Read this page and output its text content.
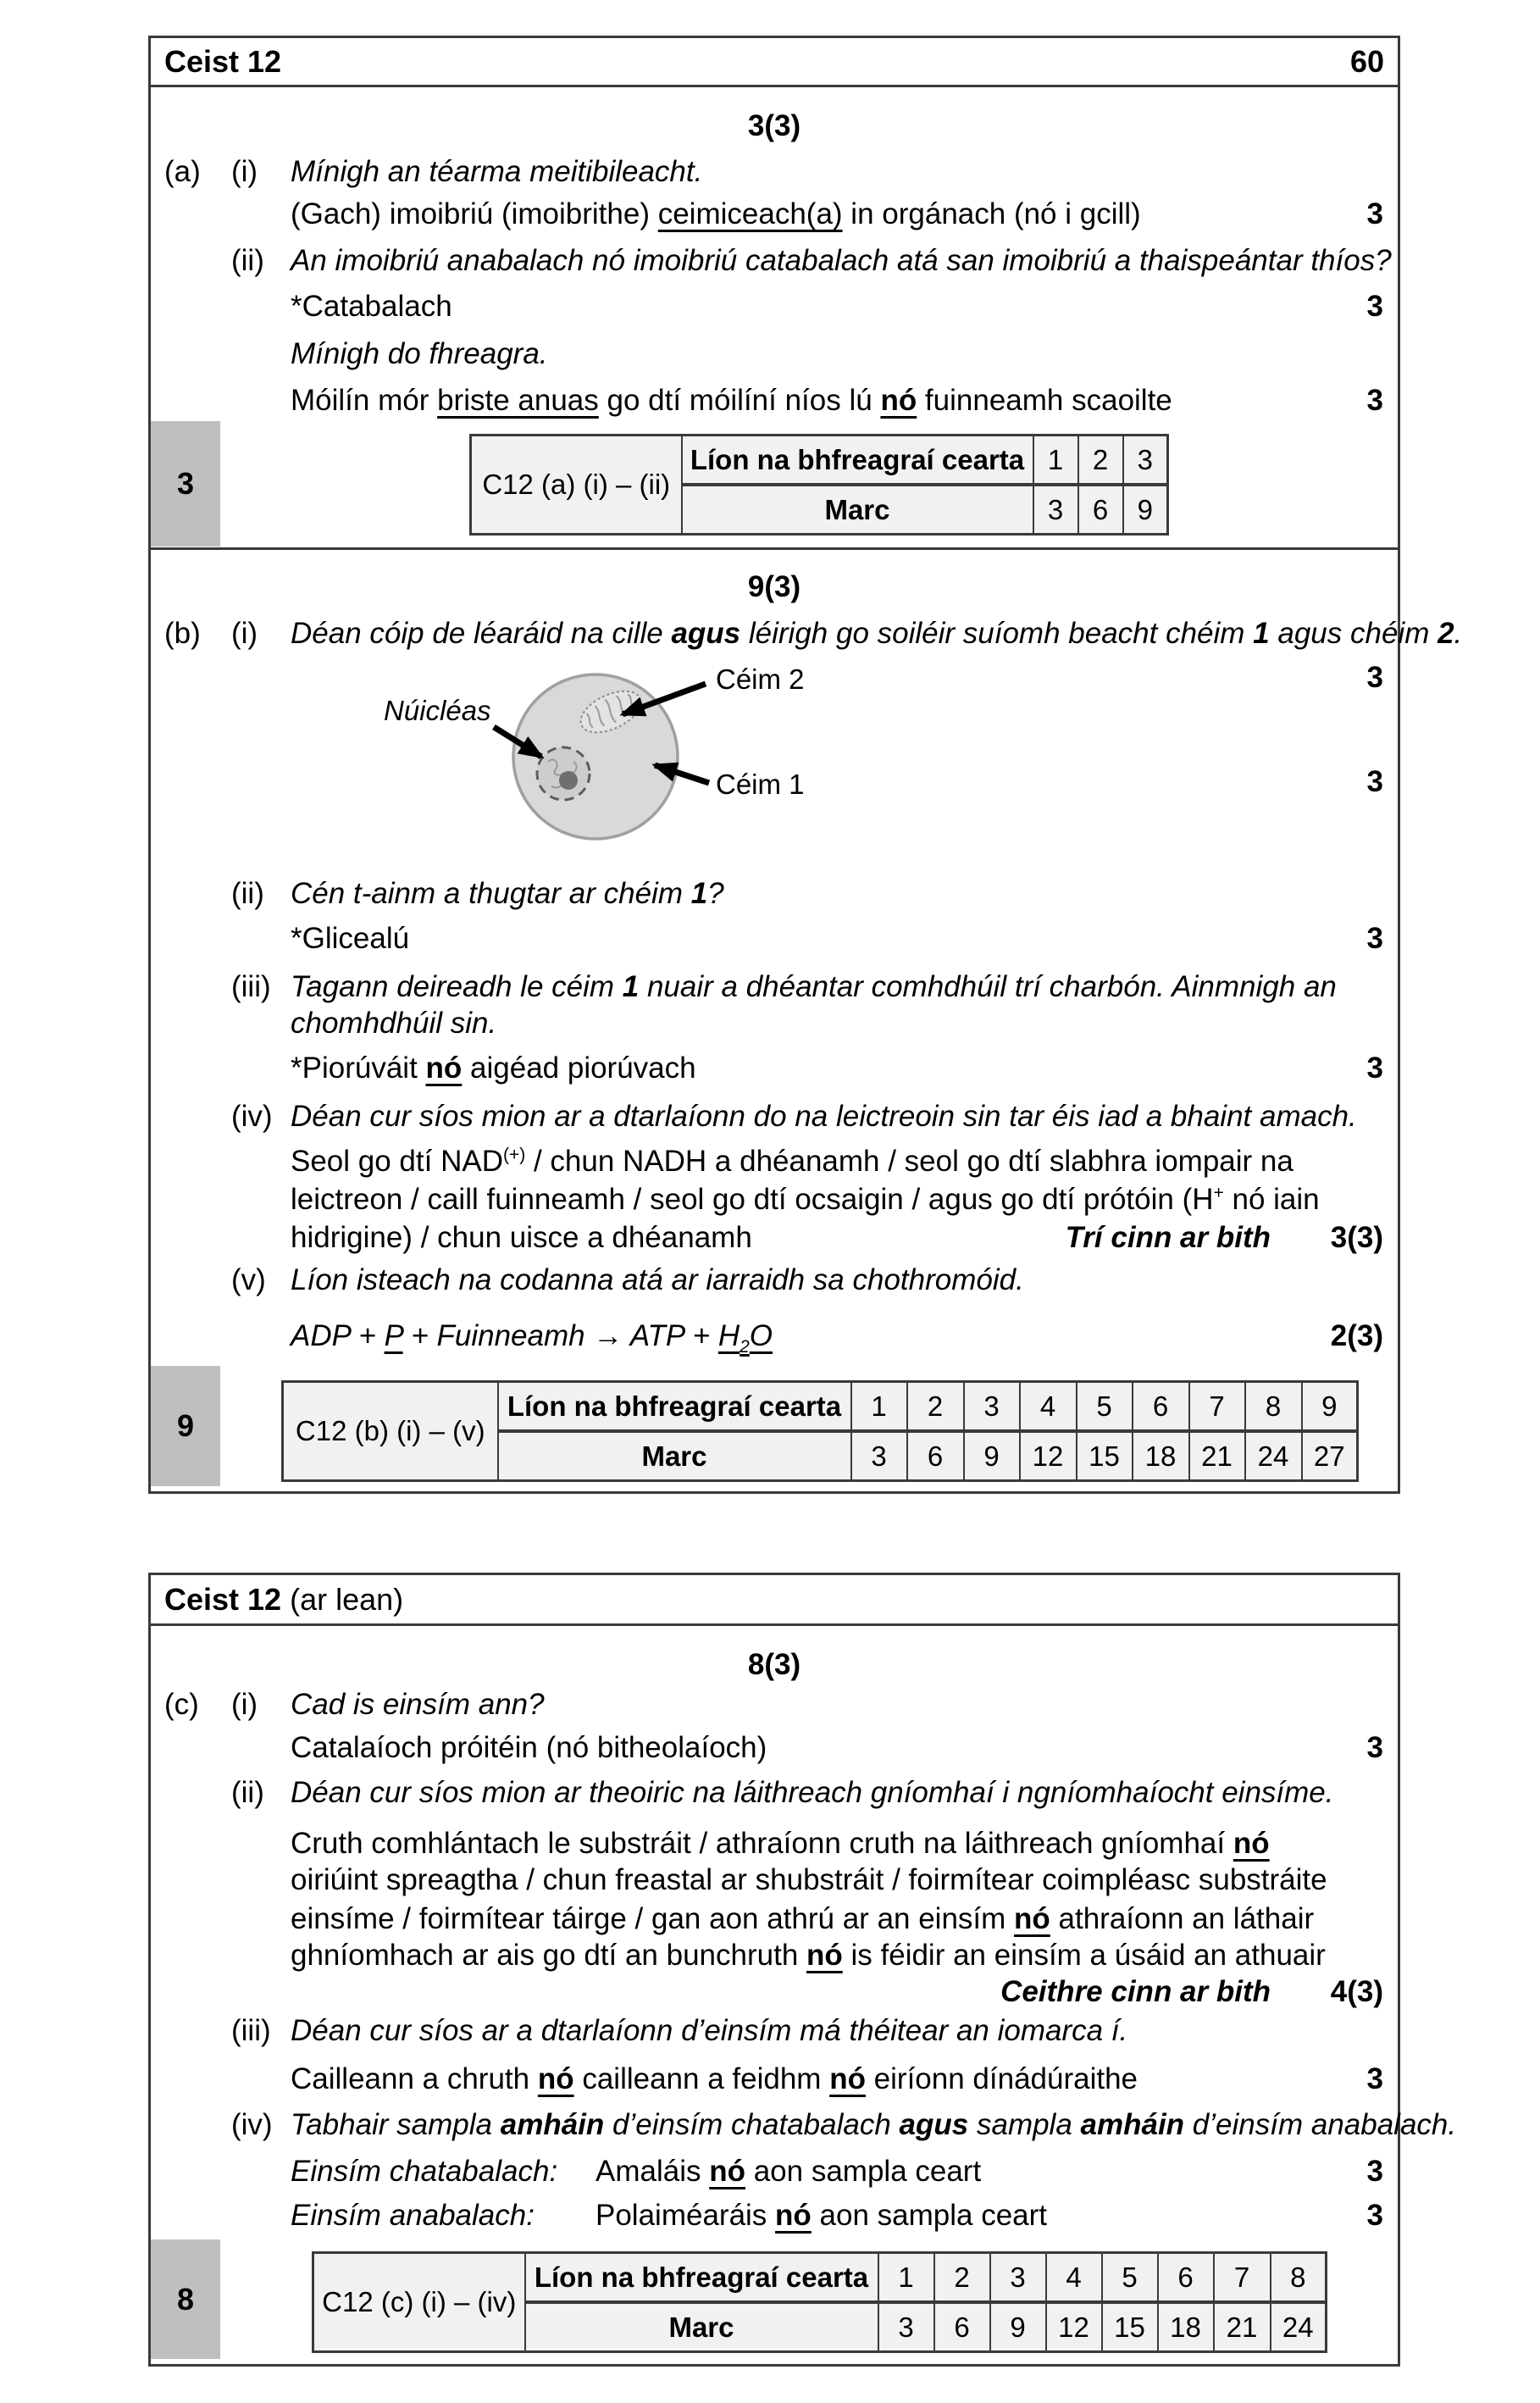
Ceist 12	60
3(3)
(a) (i) Mínigh an téarma meitibileacht.
(Gach) imoibriú (imoibrithe) ceimiceach(a) in orgánach (nó i gcill)	3
(ii) An imoibriú anabalach nó imoibriú catabalach atá san imoibriú a thaispeántar thíos?
*Catabalach	3
Mínigh do fhreagra.
Móilín mór briste anuas go dtí móilíní níos lú nó fuinneamh scaoilte	3
3	C12 (a) (i) – (ii)	Líon na bhfreagraí cearta	1	2	3
	Marc	3	6	9
9(3)
(b) (i) Déan cóip de léaráid na cille agus léirigh go soiléir suíomh beacht chéim 1 agus chéim 2.
Núicléas
Céim 2
Céim 1
3
3
(ii) Cén t-ainm a thugtar ar chéim 1?
*Glicealú	3
(iii) Tagann deireadh le céim 1 nuair a dhéantar comhdhúil trí charbón. Ainmnigh an
chomhdhúil sin.
*Piorúváit nó aigéad piorúvach	3
(iv) Déan cur síos mion ar a dtarlaíonn do na leictreoin sin tar éis iad a bhaint amach.
Seol go dtí NAD(+) / chun NADH a dhéanamh / seol go dtí slabhra iompair na
leictreon / caill fuinneamh / seol go dtí ocsaigin / agus go dtí prótóin (H+ nó iain
hidrigine) / chun uisce a dhéanamh	Trí cinn ar bith 3(3)
(v) Líon isteach na codanna atá ar iarraidh sa chothromóid.
ADP + P + Fuinneamh → ATP + $H_2O$	2(3)
9	C12 (b) (i) – (v)	Líon na bhfreagraí cearta	1	2	3	4	5	6	7	8	9
	Marc	3	6	9	12	15	18	21	24	27
Ceist 12 (ar lean)
8(3)
(c) (i) Cad is einsím ann?
Catalaíoch próitéin (nó bitheolaíoch)	3
(ii) Déan cur síos mion ar theoiric na láithreach gníomhaí i ngníomhaíocht einsíme.
Cruth comhlántach le substráit / athraíonn cruth na láithreach gníomhaí nó
oiriúint spreagtha / chun freastal ar shubstráit / foirmítear coimpléasc substráite
einsíme / foirmítear táirge / gan aon athrú ar an einsím nó athraíonn an láthair
ghníomhach ar ais go dtí an bunchruth nó is féidir an einsím a úsáid an athuair
Ceithre cinn ar bith 4(3)
(iii) Déan cur síos ar a dtarlaíonn d’einsím má théitear an iomarca í.
Cailleann a chruth nó cailleann a feidhm nó eiríonn dínádúraithe	3
(iv) Tabhair sampla amháin d’einsím chatabalach agus sampla amháin d’einsím anabalach.
Einsím chatabalach: Amaláis nó aon sampla ceart	3
Einsím anabalach: Polaiméaráis nó aon sampla ceart	3
8	C12 (c) (i) – (iv)	Líon na bhfreagraí cearta	1	2	3	4	5	6	7	8
	Marc	3	6	9	12	15	18	21	24
